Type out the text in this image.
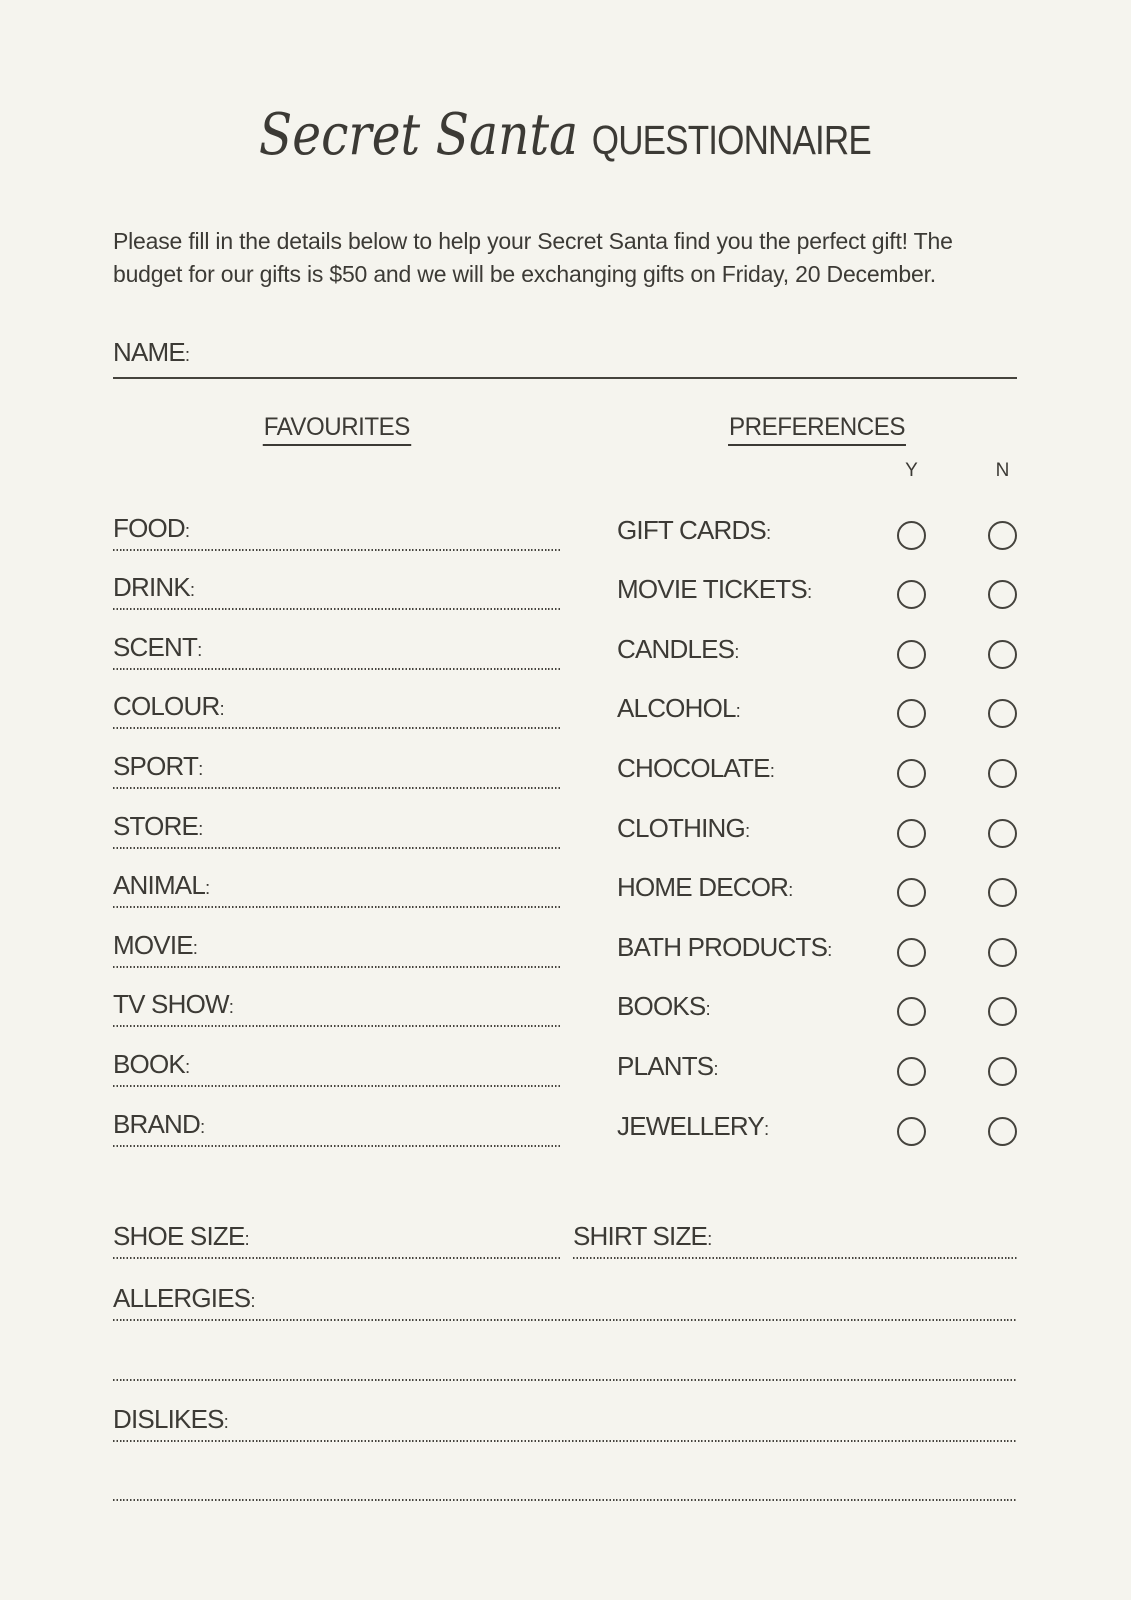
Secret Santa QUESTIONNAIRE
Please fill in the details below to help your Secret Santa find you the perfect gift! The
budget for our gifts is $50 and we will be exchanging gifts on Friday, 20 December.
NAME:
FAVOURITES
FOOD:
DRINK:
SCENT:
COLOUR:
SPORT:
STORE:
ANIMAL:
MOVIE:
TV SHOW:
BOOK:
BRAND:
PREFERENCES
Y	N
GIFT CARDS:
MOVIE TICKETS:
CANDLES:
ALCOHOL:
CHOCOLATE:
CLOTHING:
HOME DECOR:
BATH PRODUCTS:
BOOKS:
PLANTS:
JEWELLERY:
SHOE SIZE:	SHIRT SIZE:
ALLERGIES:
DISLIKES:
